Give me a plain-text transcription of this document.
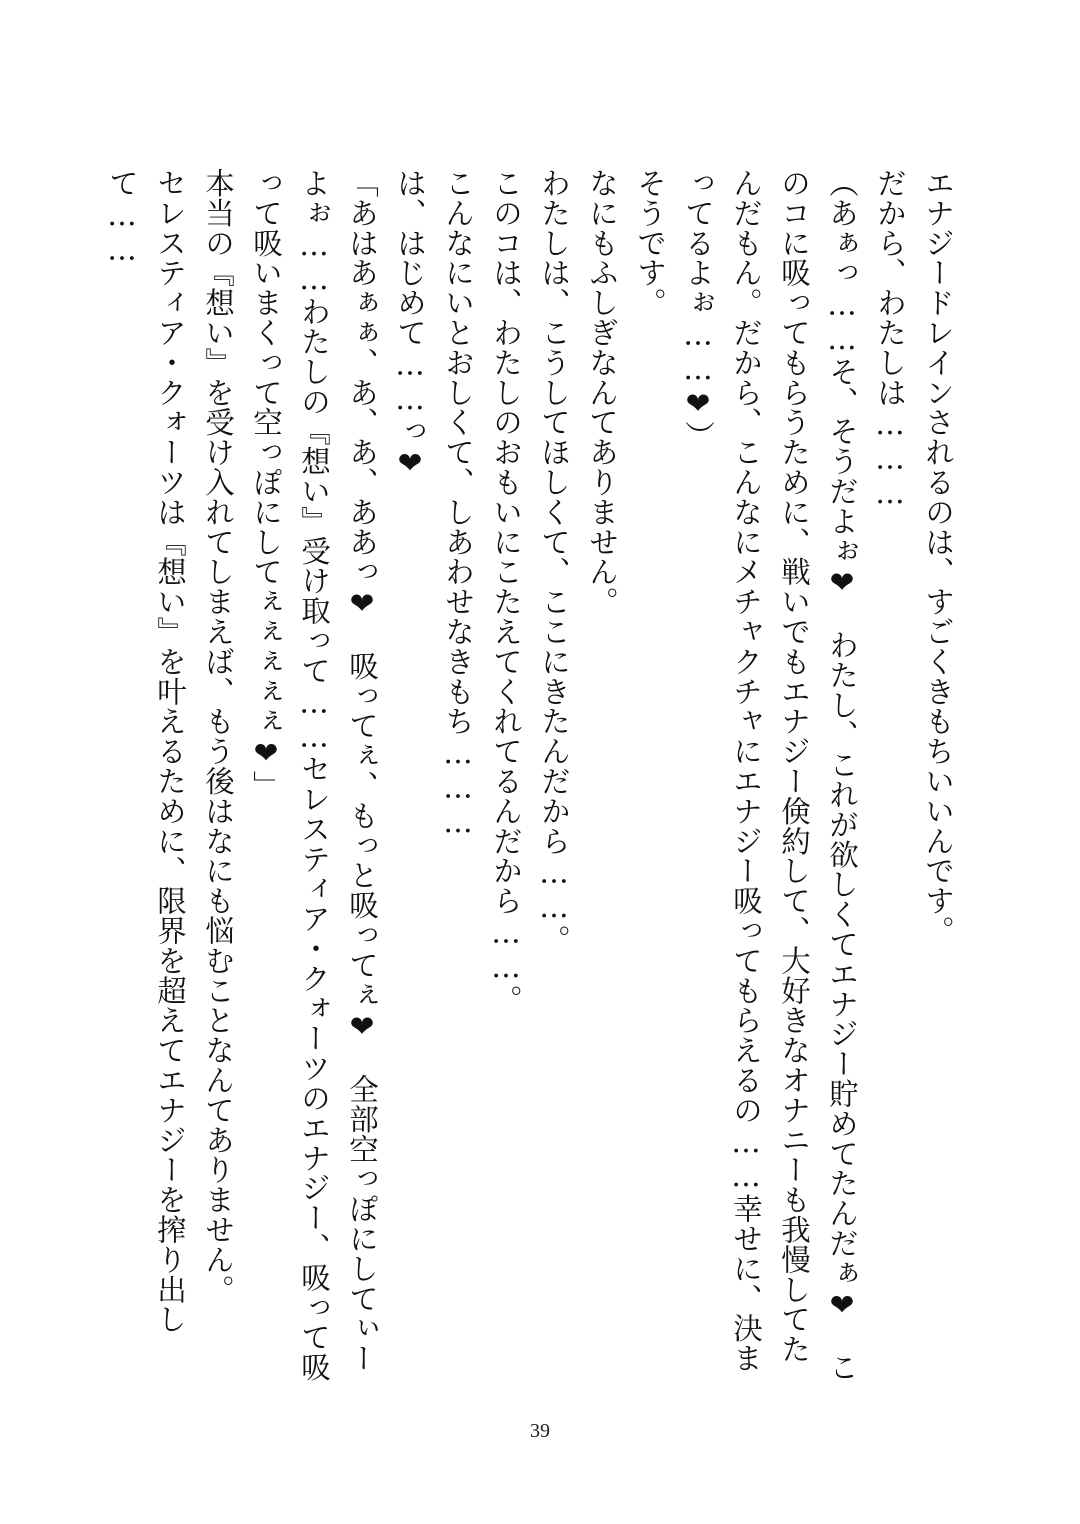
エナジードレインされるのは、すごくきもちいいんです。
だから、わたしは………
（あぁっ……そ、そうだよぉ❤　わたし、これが欲しくてエナジー貯めてたんだぁ❤　こ
のコに吸ってもらうために、戦いでもエナジー倹約して、大好きなオナニーも我慢してた
んだもん。だから、こんなにメチャクチャにエナジー吸ってもらえるの……幸せに、決ま
ってるよぉ……❤）
そうです。
なにもふしぎなんてありません。
わたしは、こうしてほしくて、ここにきたんだから……。
このコは、わたしのおもいにこたえてくれてるんだから……。
こんなにいとおしくて、しあわせなきもち………
は、はじめて……っ❤
「あはあぁぁ、あ、あ、ああっ❤　吸ってぇ、もっと吸ってぇ❤　全部空っぽにしてぃー
よぉ……わたしの『想い』受け取って……セレスティア・クォーツのエナジー、吸って吸
って吸いまくって空っぽにしてぇぇぇぇぇ❤」
本当の『想い』を受け入れてしまえば、もう後はなにも悩むことなんてありません。
セレスティア・クォーツは『想い』を叶えるために、限界を超えてエナジーを搾り出し
て……
39
